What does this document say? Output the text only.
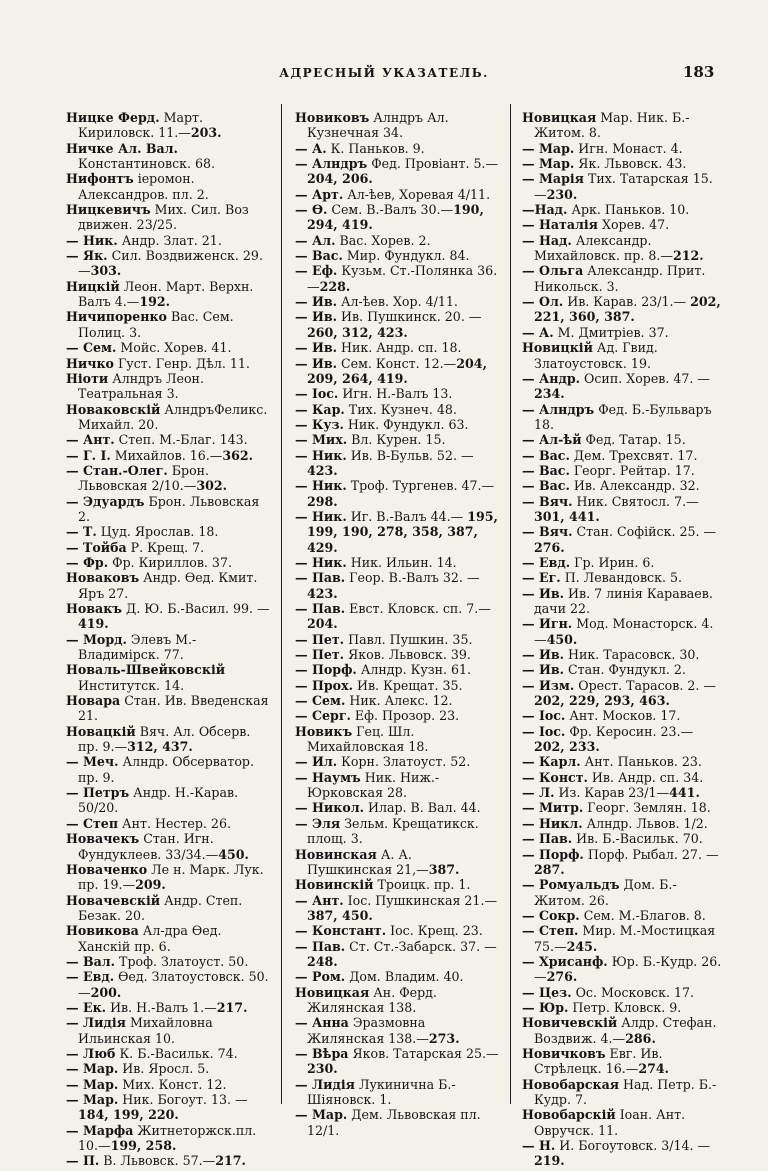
АДРЕСНЫЙ УКАЗАТЕЛЬ.	183

Ницке Ферд. Март. Кириловск. 11.—203.

Ничке Ал. Вал. Константиновск. 68.

Нифонтъ іеромон. Александров. пл. 2.

Ницкевичъ Мих. Сил. Воз движен. 23/25.

— Ник. Андр. Злат. 21.

— Як. Сил. Воздвиженск. 29.—303.

Ницкій Леон. Март. Верхн. Валъ 4.—192.

Ничипоренко Вас. Сем. Полиц. 3.

— Сем. Мойс. Хорев. 41.

Ничко Густ. Генр. Дѣл. 11.

Ніоти Алндръ Леон. Театральная 3.

Новаковскій АлндръФеликс. Михайл. 20.

— Ант. Степ. М.-Благ. 143.

— Г. І. Михайлов. 16.—362.

— Стан.-Олег. Брон. Львовская 2/10.—302.

— Эдуардъ Брон. Львовская 2.

— Т. Цуд. Ярослав. 18.

— Тойба Р. Крещ. 7.

— Фр. Фр. Кириллов. 37.

Новаковъ Андр. Ѳед. Кмит. Яръ 27.

Новакъ Д. Ю. Б.-Васил. 99. —419.

— Морд. Элевъ М.-Владимірск. 77.

Новаль-Швейковскій Институтск. 14.

Новара Стан. Ив. Введенская 21.

Новацкій Вяч. Ал. Обсерв. пр. 9.—312, 437.

— Меч. Алндр. Обсерватор. пр. 9.

— Петръ Андр. Н.-Карав. 50/20.

— Степ Ант. Нестер. 26.

Новачекъ Стан. Игн. Фундуклеев. 33/34.—450.

Новаченко Ле н. Марк. Лук. пр. 19.—209.

Новачевскій Андр. Степ. Безак. 20.

Новикова Ал-дра Ѳед. Ханскій пр. 6.

— Вал. Троф. Златоуст. 50.

— Евд. Ѳед. Златоустовск. 50.—200.

— Ек. Ив. Н.-Валъ 1.—217.

— Лидія Михайловна Ильинская 10.

— Люб К. Б.-Васильк. 74.

— Мар. Ив. Яросл. 5.

— Мар. Мих. Конст. 12.

— Мар. Ник. Богоут. 13. —184, 199, 220.

— Марфа Житнеторжск.пл. 10.—199, 258.

— П. В. Львовск. 57.—217.

Новиковъ Алндръ Ал. Кузнечная 34.

— А. К. Паньков. 9.

— Алндръ Фед. Провіант. 5.—204, 206.

— Арт. Ал-ѣев, Хоревая 4/11.

— Ѳ. Сем. В.-Валъ 30.—190, 294, 419.

— Ал. Вас. Хорев. 2.

— Вас. Мир. Фундукл. 84.

— Еф. Кузьм. Ст.-Полянка 36.—228.

— Ив. Ал-ѣев. Хор. 4/11.

— Ив. Ив. Пушкинск. 20. —260, 312, 423.

— Ив. Ник. Андр. сп. 18.

— Ив. Сем. Конст. 12.—204, 209, 264, 419.

— Іос. Игн. Н.-Валъ 13.

— Кар. Тих. Кузнеч. 48.

— Куз. Ник. Фундукл. 63.

— Мих. Вл. Курен. 15.

— Ник. Ив. В-Бульв. 52. —423.

— Ник. Троф. Тургенев. 47.—298.

— Ник. Иг. В.-Валъ 44.— 195, 199, 190, 278, 358, 387, 429.

— Ник. Ник. Ильин. 14.

— Пав. Геор. В.-Валъ 32. —423.

— Пав. Евст. Кловск. сп. 7.—204.

— Пет. Павл. Пушкин. 35.

— Пет. Яков. Львовск. 39.

— Порф. Алндр. Кузн. 61.

— Прох. Ив. Крещат. 35.

— Сем. Ник. Алекс. 12.

— Серг. Еф. Прозор. 23.

Новикъ Гец. Шл. Михайловская 18.

— Ил. Корн. Златоуст. 52.

— Наумъ Ник. Ниж.-Юрковская 28.

— Никол. Илар. В. Вал. 44.

— Эля Зельм. Крещатикск. площ. 3.

Новинская А. А. Пушкинская 21,—387.

Новинскій Троицк. пр. 1.

— Ант. Іос. Пушкинская 21.—387, 450.

— Констант. Іос. Крещ. 23.

— Пав. Ст. Ст.-Забарск. 37. —248.

— Ром. Дом. Владим. 40.

Новицкая Ан. Ферд. Жилянская 138.

— Анна Эразмовна Жилянская 138.—273.

— Вѣра Яков. Татарская 25.—230.

— Лидія Лукинична Б.-Шіяновск. 1.

— Мар. Дем. Львовская пл. 12/1.

Новицкая Мар. Ник. Б.-Житом. 8.

— Мар. Игн. Монаст. 4.

— Мар. Як. Львовск. 43.

— Марія Тих. Татарская 15.—230.

—Над. Арк. Паньков. 10.

— Наталія Хорев. 47.

— Над. Александр. Михайловск. пр. 8.—212.

— Ольга Александр. Прит. Никольск. 3.

— Ол. Ив. Карав. 23/1.— 202, 221, 360, 387.

— А. М. Дмитріев. 37.

Новицкій Ад. Гвид. Златоустовск. 19.

— Андр. Осип. Хорев. 47. —234.

— Алндръ Фед. Б.-Бульваръ 18.

— Ал-ѣй Фед. Татар. 15.

— Вас. Дем. Трехсвят. 17.

— Вас. Георг. Рейтар. 17.

— Вас. Ив. Александр. 32.

— Вяч. Ник. Святосл. 7.— 301, 441.

— Вяч. Стан. Софійск. 25. —276.

— Евд. Гр. Ирин. 6.

— Ег. П. Левандовск. 5.

— Ив. Ив. 7 линія Караваев. дачи 22.

— Игн. Мод. Монасторск. 4.—450.

— Ив. Ник. Тарасовск. 30.

— Ив. Стан. Фундукл. 2.

— Изм. Орест. Тарасов. 2. —202, 229, 293, 463.

— Іос. Ант. Москов. 17.

— Іос. Фр. Керосин. 23.— 202, 233.

— Карл. Ант. Паньков. 23.

— Конст. Ив. Андр. сп. 34.

— Л. Из. Карав 23/1—441.

— Митр. Георг. Землян. 18.

— Никл. Алндр. Львов. 1/2.

— Пав. Ив. Б.-Васильк. 70.

— Порф. Порф. Рыбал. 27. —287.

— Ромуальдъ Дом. Б.-Житом. 26.

— Сокр. Сем. М.-Благов. 8.

— Степ. Мир. М.-Мостицкая 75.—245.

— Хрисанф. Юр. Б.-Кудр. 26.—276.

— Цез. Ос. Московск. 17.

— Юр. Петр. Кловск. 9.

Новичевскій Алдр. Стефан. Воздвиж. 4.—286.

Новичковъ Евг. Ив. Стрѣлецк. 16.—274.

Новобарская Над. Петр. Б.-Кудр. 7.

Новобарскій Іоан. Ант. Овручск. 11.

— Н. И. Богоутовск. 3/14. —219.
